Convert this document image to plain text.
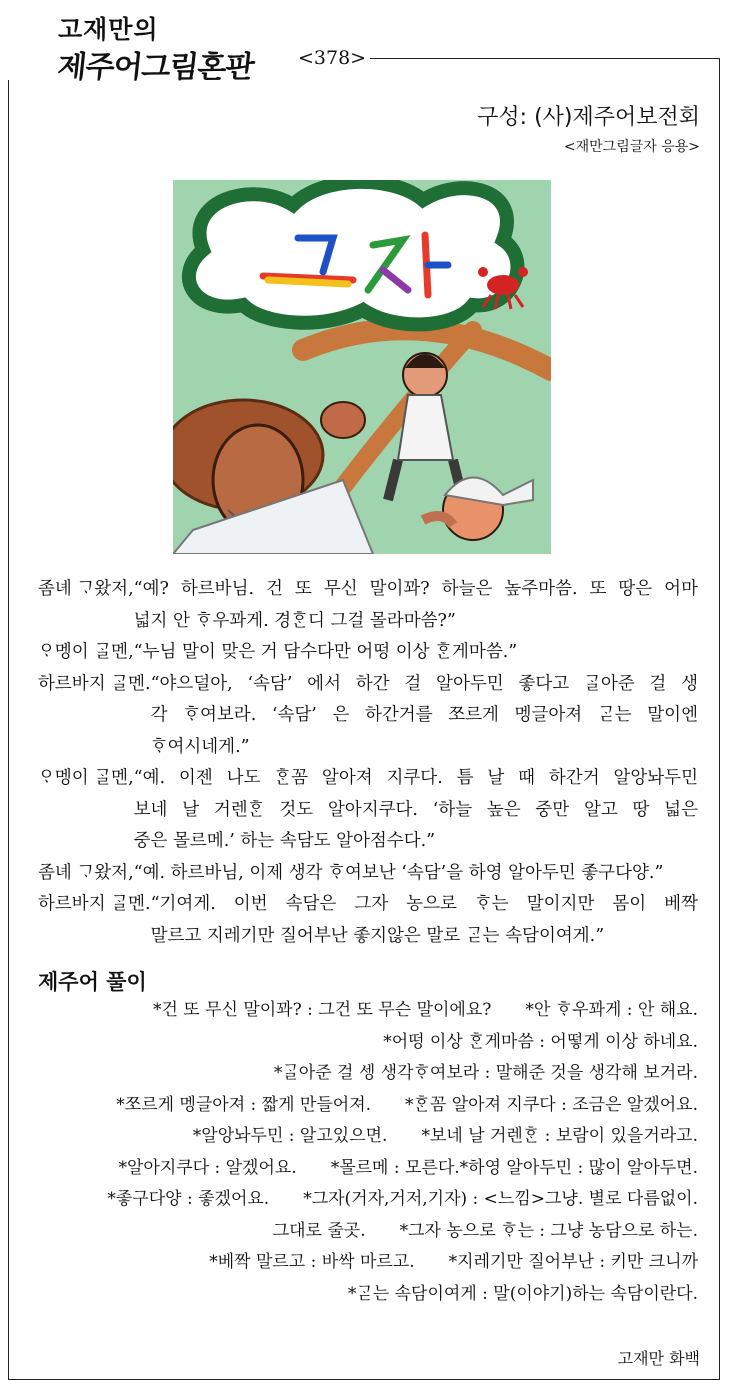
고재만의
제주어그림혼판 <378>
구성: (사)제주어보전회
<재만그림글자 응용>
좀녜 ᄀᆞ왔저, “예? 하르바님. 건 또 무신 말이꽈? 하늘은 높주마씀. 또 땅은 어마
넓지 안 ᄒᆞ우꽈게. 경ᄒᆞᆫ디 그걸 몰라마씀?”
ᄋᆞ멩이 ᄀᆞᆯ멘, “누님 말이 맞은 거 담수다만 어떵 이상 ᄒᆞᆫ게마씀.”
하르바지 ᄀᆞᆯ멘. “야으덜아, ‘속담’ 에서 하간 걸 알아두민 좋다고 ᄀᆞᆯ아준 걸 생
각 ᄒᆞ여보라. ‘속담’ 은 하간거를 쪼르게 멩글아져 ᄀᆞᆮ는 말이엔
ᄒᆞ여시네게.”
ᄋᆞ멩이 ᄀᆞᆯ멘, “예. 이젠 나도 ᄒᆞᆫ꼼 알아져 지쿠다. 틈 날 때 하간거 알앙놔두민
보네 날 거렌ᄒᆞᆫ 것도 알아지쿠다. ‘하늘 높은 중만 알고 땅 넓은
중은 몰르메.’ 하는 속담도 알아점수다.”
좀녜 ᄀᆞ왔저, “예. 하르바님, 이제 생각 ᄒᆞ여보난 ‘속담’을 하영 알아두민 좋구다양.”
하르바지 ᄀᆞᆯ멘. “기여게. 이번 속담은 그자 농으로 ᄒᆞ는 말이지만 몸이 베짝
말르고 지레기만 질어부난 좋지않은 말로 ᄀᆞᆮ는 속담이여게.”
제주어 풀이
*건 또 무신 말이꽈? : 그건 또 무슨 말이에요?　　*안 ᄒᆞ우꽈게 : 안 해요.
*어떵 이상 ᄒᆞᆫ게마씀 : 어떻게 이상 하네요.
*ᄀᆞᆯ아준 걸 셍 생각ᄒᆞ여보라 : 말해준 것을 생각해 보거라.
*쪼르게 멩글아져 : 짧게 만들어져.　　*ᄒᆞᆫ꼼 알아져 지쿠다 : 조금은 알겠어요.
*알앙놔두민 : 알고있으면.　　*보네 날 거렌ᄒᆞᆫ : 보람이 있을거라고.
*알아지쿠다 : 알겠어요.　　*몰르메 : 모른다.*하영 알아두민 : 많이 알아두면.
*좋구다양 : 좋겠어요.　　*그자(거자,거저,기자) : <느낌>그냥. 별로 다름없이.
그대로 줄곳.　　*그자 농으로 ᄒᆞ는 : 그냥 농담으로 하는.
*베짝 말르고 : 바싹 마르고.　　*지레기만 질어부난 : 키만 크니까
*ᄀᆞᆮ는 속담이여게 : 말(이야기)하는 속담이란다.
고재만 화백
